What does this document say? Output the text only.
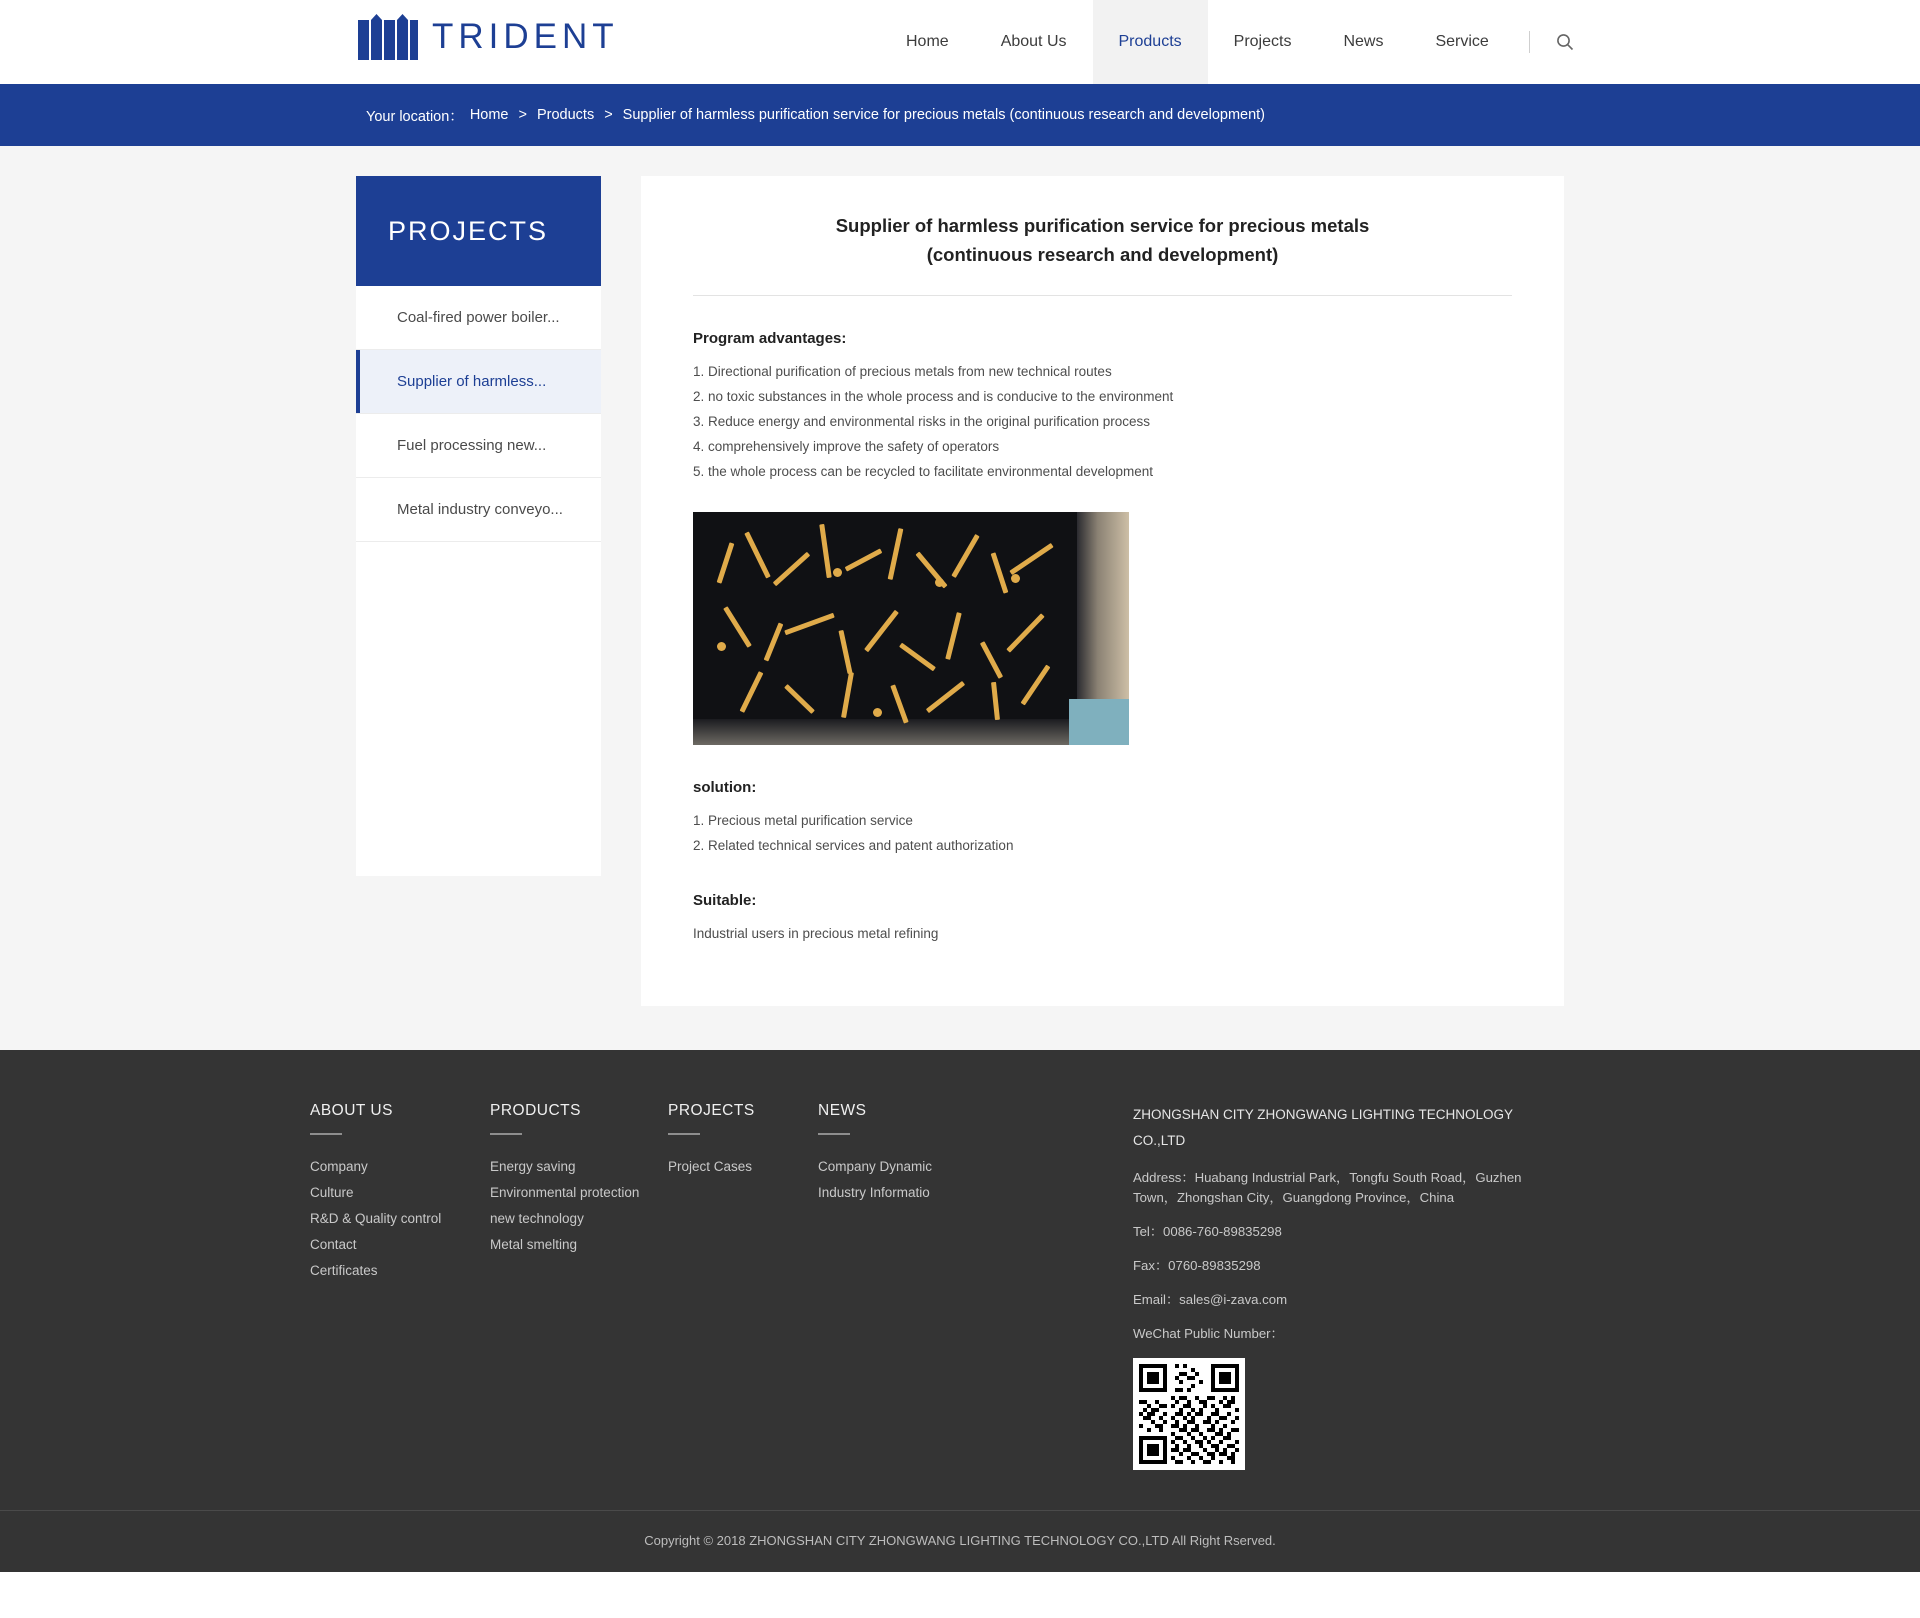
TRIDENT	Home	About Us	Products	Projects	News	Service
Your location： Home > Products > Supplier of harmless purification service for precious metals (continuous research and development)
PROJECTS
Coal-fired power boiler...
Supplier of harmless...
Fuel processing new...
Metal industry conveyo...
Supplier of harmless purification service for precious metals (continuous research and development)
Program advantages:
1. Directional purification of precious metals from new technical routes
2. no toxic substances in the whole process and is conducive to the environment
3. Reduce energy and environmental risks in the original purification process
4. comprehensively improve the safety of operators
5. the whole process can be recycled to facilitate environmental development
solution:
1. Precious metal purification service
2. Related technical services and patent authorization
Suitable:
Industrial users in precious metal refining
ABOUT US
Company
Culture
R&D & Quality control
Contact
Certificates
PRODUCTS
Energy saving
Environmental protection
new technology
Metal smelting
PROJECTS
Project Cases
NEWS
Company Dynamic
Industry Informatio
ZHONGSHAN CITY ZHONGWANG LIGHTING TECHNOLOGY CO.,LTD
Address：Huabang Industrial Park，Tongfu South Road，Guzhen Town，Zhongshan City，Guangdong Province，China
Tel：0086-760-89835298
Fax：0760-89835298
Email：sales@i-zava.com
WeChat Public Number：
Copyright © 2018 ZHONGSHAN CITY ZHONGWANG LIGHTING TECHNOLOGY CO.,LTD All Right Rserved.
